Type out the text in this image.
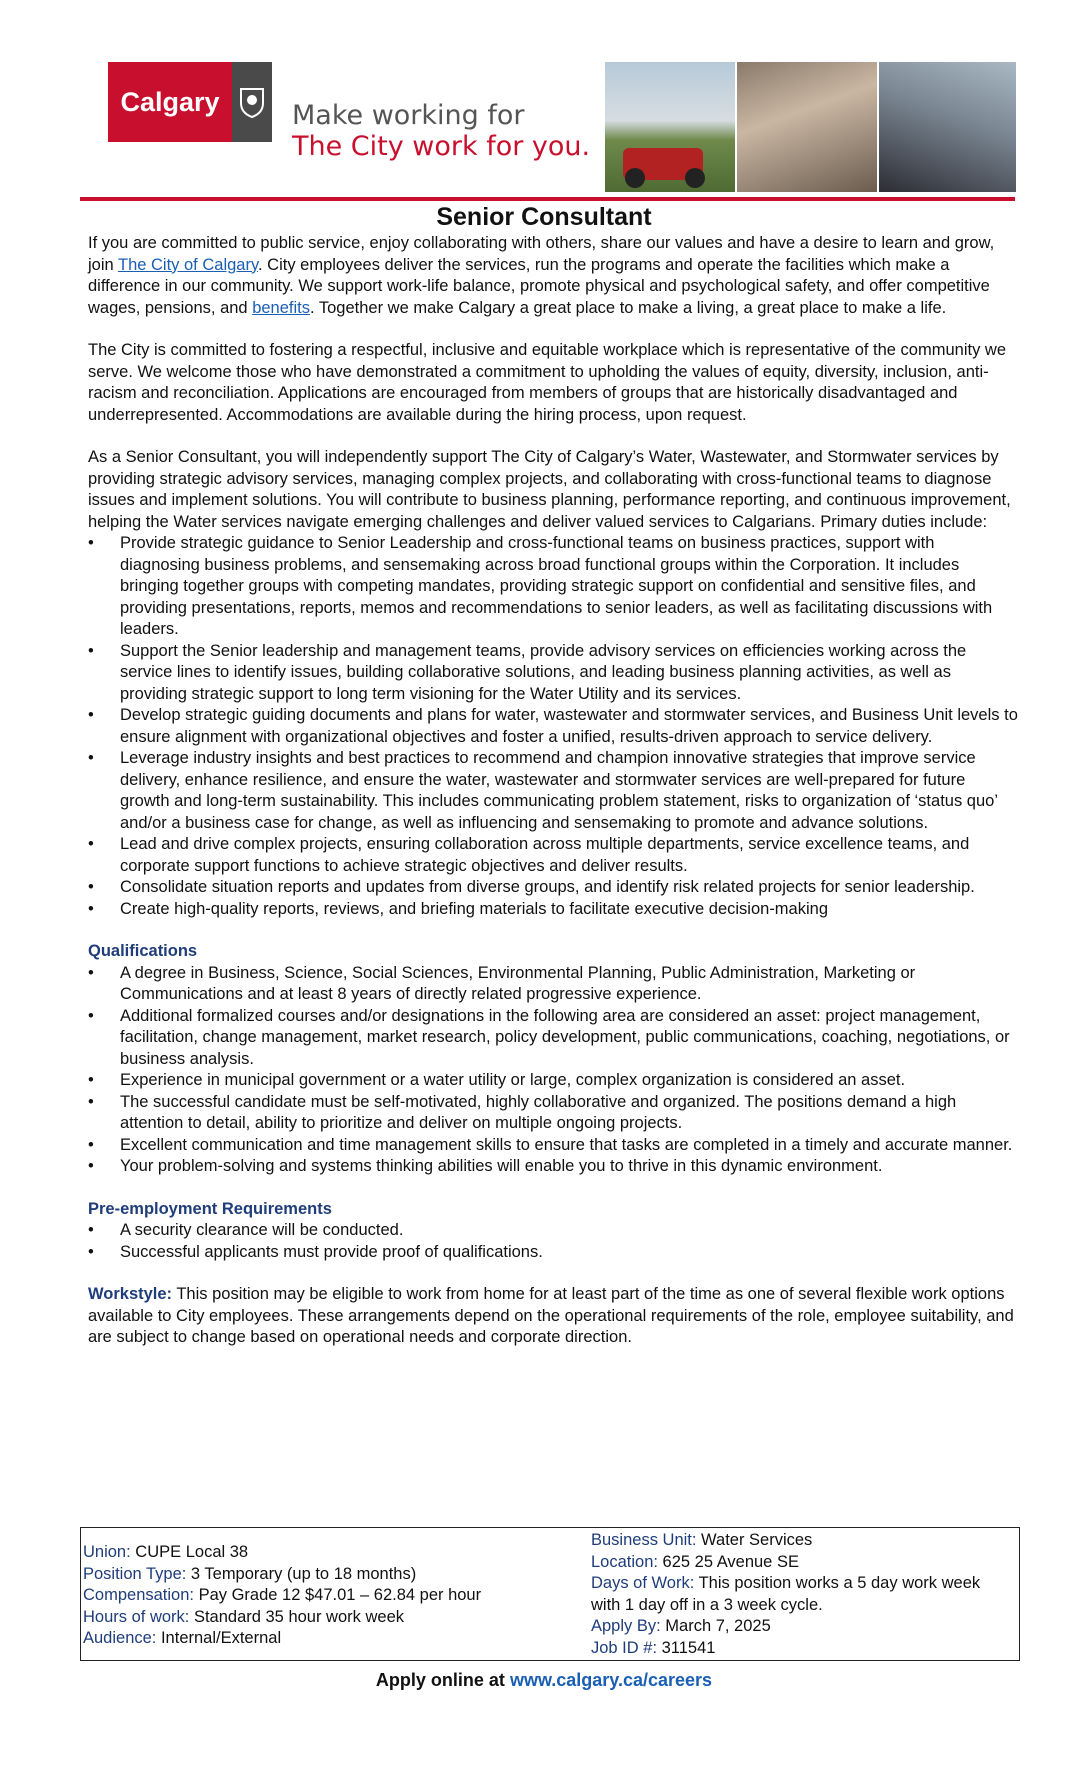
Calgary	Make working for
The City work for you.
Senior Consultant

If you are committed to public service, enjoy collaborating with others, share our values and have a desire to learn and grow, join The City of Calgary. City employees deliver the services, run the programs and operate the facilities which make a difference in our community. We support work-life balance, promote physical and psychological safety, and offer competitive wages, pensions, and benefits. Together we make Calgary a great place to make a living, a great place to make a life.

The City is committed to fostering a respectful, inclusive and equitable workplace which is representative of the community we serve. We welcome those who have demonstrated a commitment to upholding the values of equity, diversity, inclusion, anti-racism and reconciliation. Applications are encouraged from members of groups that are historically disadvantaged and underrepresented. Accommodations are available during the hiring process, upon request.

As a Senior Consultant, you will independently support The City of Calgary’s Water, Wastewater, and Stormwater services by providing strategic advisory services, managing complex projects, and collaborating with cross-functional teams to diagnose issues and implement solutions. You will contribute to business planning, performance reporting, and continuous improvement, helping the Water services navigate emerging challenges and deliver valued services to Calgarians. Primary duties include:
• Provide strategic guidance to Senior Leadership and cross-functional teams on business practices, support with diagnosing business problems, and sensemaking across broad functional groups within the Corporation. It includes bringing together groups with competing mandates, providing strategic support on confidential and sensitive files, and providing presentations, reports, memos and recommendations to senior leaders, as well as facilitating discussions with leaders.
• Support the Senior leadership and management teams, provide advisory services on efficiencies working across the service lines to identify issues, building collaborative solutions, and leading business planning activities, as well as providing strategic support to long term visioning for the Water Utility and its services.
• Develop strategic guiding documents and plans for water, wastewater and stormwater services, and Business Unit levels to ensure alignment with organizational objectives and foster a unified, results-driven approach to service delivery.
• Leverage industry insights and best practices to recommend and champion innovative strategies that improve service delivery, enhance resilience, and ensure the water, wastewater and stormwater services are well-prepared for future growth and long-term sustainability. This includes communicating problem statement, risks to organization of ‘status quo’ and/or a business case for change, as well as influencing and sensemaking to promote and advance solutions.
• Lead and drive complex projects, ensuring collaboration across multiple departments, service excellence teams, and corporate support functions to achieve strategic objectives and deliver results.
• Consolidate situation reports and updates from diverse groups, and identify risk related projects for senior leadership.
• Create high-quality reports, reviews, and briefing materials to facilitate executive decision-making
Qualifications
• A degree in Business, Science, Social Sciences, Environmental Planning, Public Administration, Marketing or Communications and at least 8 years of directly related progressive experience.
• Additional formalized courses and/or designations in the following area are considered an asset: project management, facilitation, change management, market research, policy development, public communications, coaching, negotiations, or business analysis.
• Experience in municipal government or a water utility or large, complex organization is considered an asset.
• The successful candidate must be self-motivated, highly collaborative and organized. The positions demand a high attention to detail, ability to prioritize and deliver on multiple ongoing projects.
• Excellent communication and time management skills to ensure that tasks are completed in a timely and accurate manner.
• Your problem-solving and systems thinking abilities will enable you to thrive in this dynamic environment.
Pre-employment Requirements
• A security clearance will be conducted.
• Successful applicants must provide proof of qualifications.
Workstyle: This position may be eligible to work from home for at least part of the time as one of several flexible work options available to City employees. These arrangements depend on the operational requirements of the role, employee suitability, and are subject to change based on operational needs and corporate direction.
Union: CUPE Local 38
Position Type: 3 Temporary (up to 18 months)
Compensation: Pay Grade 12 $47.01 – 62.84 per hour
Hours of work: Standard 35 hour work week
Audience: Internal/External
Business Unit: Water Services
Location: 625 25 Avenue SE
Days of Work: This position works a 5 day work week with 1 day off in a 3 week cycle.
Apply By: March 7, 2025
Job ID #: 311541
Apply online at www.calgary.ca/careers
